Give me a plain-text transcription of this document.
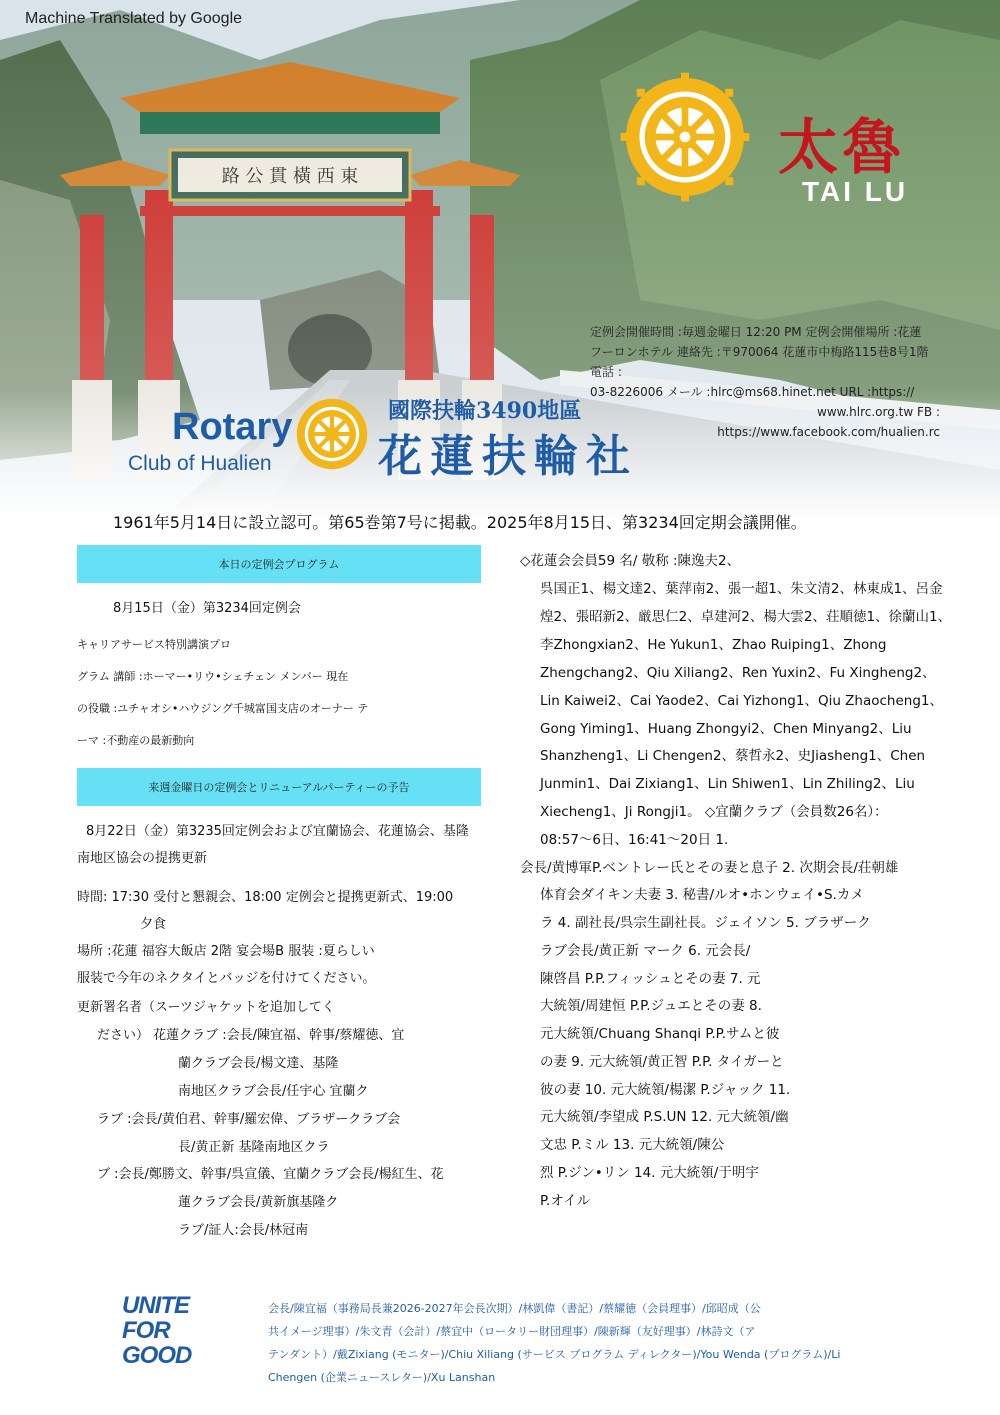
Machine Translated by Google
太魯
TAI LU
定例会開催時間 :毎週金曜日 12:20 PM 定例会開催場所 :花蓮
フーロンホテル 連絡先 :〒970064 花蓮市中梅路115巷8号1階 電話 :
03-8226006 メール :hlrc@ms68.hinet.net URL :https://
www.hlrc.org.tw FB :
https://www.facebook.com/hualien.rc
Rotary
Club of Hualien
國際扶輪3490地區
花蓮扶輪社
1961年5月14日に設立認可。第65巻第7号に掲載。2025年8月15日、第3234回定期会議開催。
本日の定例会プログラム
8月15日（金）第3234回定例会
キャリアサービス特別講演プロ
グラム 講師 :ホーマー•リウ•シェチェン メンバー 現在
の役職 :ユチャオシ•ハウジング千城富国支店のオーナー テ
ーマ :不動産の最新動向
来週金曜日の定例会とリニューアルパーティーの予告
8月22日（金）第3235回定例会および宜蘭協会、花蓮協会、基隆
南地区協会の提携更新
時間: 17:30 受付と懇親会、18:00 定例会と提携更新式、19:00
夕食
場所 :花蓮 福容大飯店 2階 宴会場B 服装 :夏らしい
服装で今年のネクタイとバッジを付けてください。
更新署名者（スーツジャケットを追加してく
ださい） 花蓮クラブ :会長/陳宜福、幹事/蔡耀徳、宜
蘭クラブ会長/楊文達、基隆
南地区クラブ会長/任宇心 宜蘭ク
ラブ :会長/黄伯君、幹事/羅宏偉、ブラザークラブ会
長/黄正新 基隆南地区クラ
ブ :会長/鄭勝文、幹事/呉宣儀、宜蘭クラブ会長/楊紅生、花
蓮クラブ会長/黄新旗基隆ク
ラブ/証人:会長/林冠南
◇花蓮会会員59 名/ 敬称 :陳逸夫2、
呉国正1、楊文達2、葉萍南2、張一超1、朱文清2、林東成1、呂金
煌2、張昭新2、厳思仁2、卓建河2、楊大雲2、荘順徳1、徐蘭山1、
李Zhongxian2、He Yukun1、Zhao Ruiping1、Zhong
Zhengchang2、Qiu Xiliang2、Ren Yuxin2、Fu Xingheng2、
Lin Kaiwei2、Cai Yaode2、Cai Yizhong1、Qiu Zhaocheng1、
Gong Yiming1、Huang Zhongyi2、Chen Minyang2、Liu
Shanzheng1、Li Chengen2、蔡哲永2、史Jiasheng1、Chen
Junmin1、Dai Zixiang1、Lin Shiwen1、Lin Zhiling2、Liu
Xiecheng1、Ji Rongji1。 ◇宜蘭クラブ（会員数26名）：
08:57～6日、16:41～20日 1.
会長/黄博軍P.ベントレー氏とその妻と息子 2. 次期会長/荘朝雄
体育会ダイキン夫妻 3. 秘書/ルオ•ホンウェイ•S.カメ
ラ 4. 副社長/呉宗生副社長。ジェイソン 5. ブラザーク
ラブ会長/黄正新 マーク 6. 元会長/
陳啓昌 P.P.フィッシュとその妻 7. 元
大統領/周建恒 P.P.ジュエとその妻 8.
元大統領/Chuang Shanqi P.P.サムと彼
の妻 9. 元大統領/黄正智 P.P. タイガーと
彼の妻 10. 元大統領/楊潔 P.ジャック 11.
元大統領/李望成 P.S.UN 12. 元大統領/幽
文忠 P.ミル 13. 元大統領/陳公
烈 P.ジン•リン 14. 元大統領/于明宇
P.オイル
UNITE
FOR
GOOD
会長/陳宜福（事務局長兼2026-2027年会長次期）/林凱偉（書記）/蔡耀徳（会員理事）/邱昭成（公
共イメージ理事）/朱文青（会計）/蔡宜中（ロータリー財団理事）/陳新輝（友好理事）/林詩文（ア
テンダント）/戴Zixiang (モニター)/Chiu Xiliang (サービス プログラム ディレクター)/You Wenda (プログラム)/Li
Chengen (企業ニュースレター)/Xu Lanshan
